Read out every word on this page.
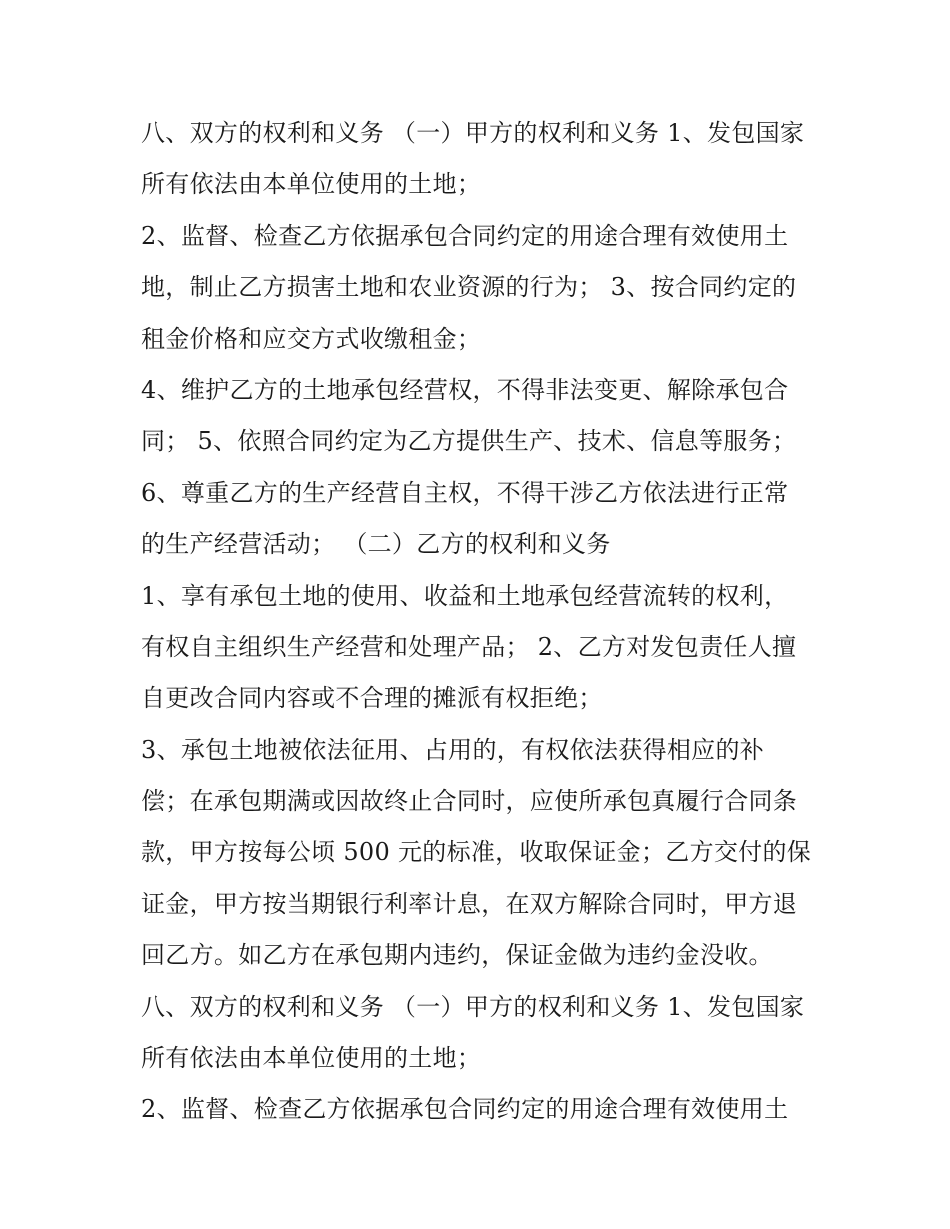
八、双方的权利和义务 （一）甲方的权利和义务 1、发包国家
所有依法由本单位使用的土地；
2、监督、检查乙方依据承包合同约定的用途合理有效使用土
地，制止乙方损害土地和农业资源的行为； 3、按合同约定的
租金价格和应交方式收缴租金；
4、维护乙方的土地承包经营权，不得非法变更、解除承包合
同； 5、依照合同约定为乙方提供生产、技术、信息等服务；
6、尊重乙方的生产经营自主权，不得干涉乙方依法进行正常
的生产经营活动； （二）乙方的权利和义务
1、享有承包土地的使用、收益和土地承包经营流转的权利，
有权自主组织生产经营和处理产品； 2、乙方对发包责任人擅
自更改合同内容或不合理的摊派有权拒绝；
3、承包土地被依法征用、占用的，有权依法获得相应的补
偿；在承包期满或因故终止合同时，应使所承包真履行合同条
款，甲方按每公顷 500 元的标准，收取保证金；乙方交付的保
证金，甲方按当期银行利率计息，在双方解除合同时，甲方退
回乙方。如乙方在承包期内违约，保证金做为违约金没收。
八、双方的权利和义务 （一）甲方的权利和义务 1、发包国家
所有依法由本单位使用的土地；
2、监督、检查乙方依据承包合同约定的用途合理有效使用土
